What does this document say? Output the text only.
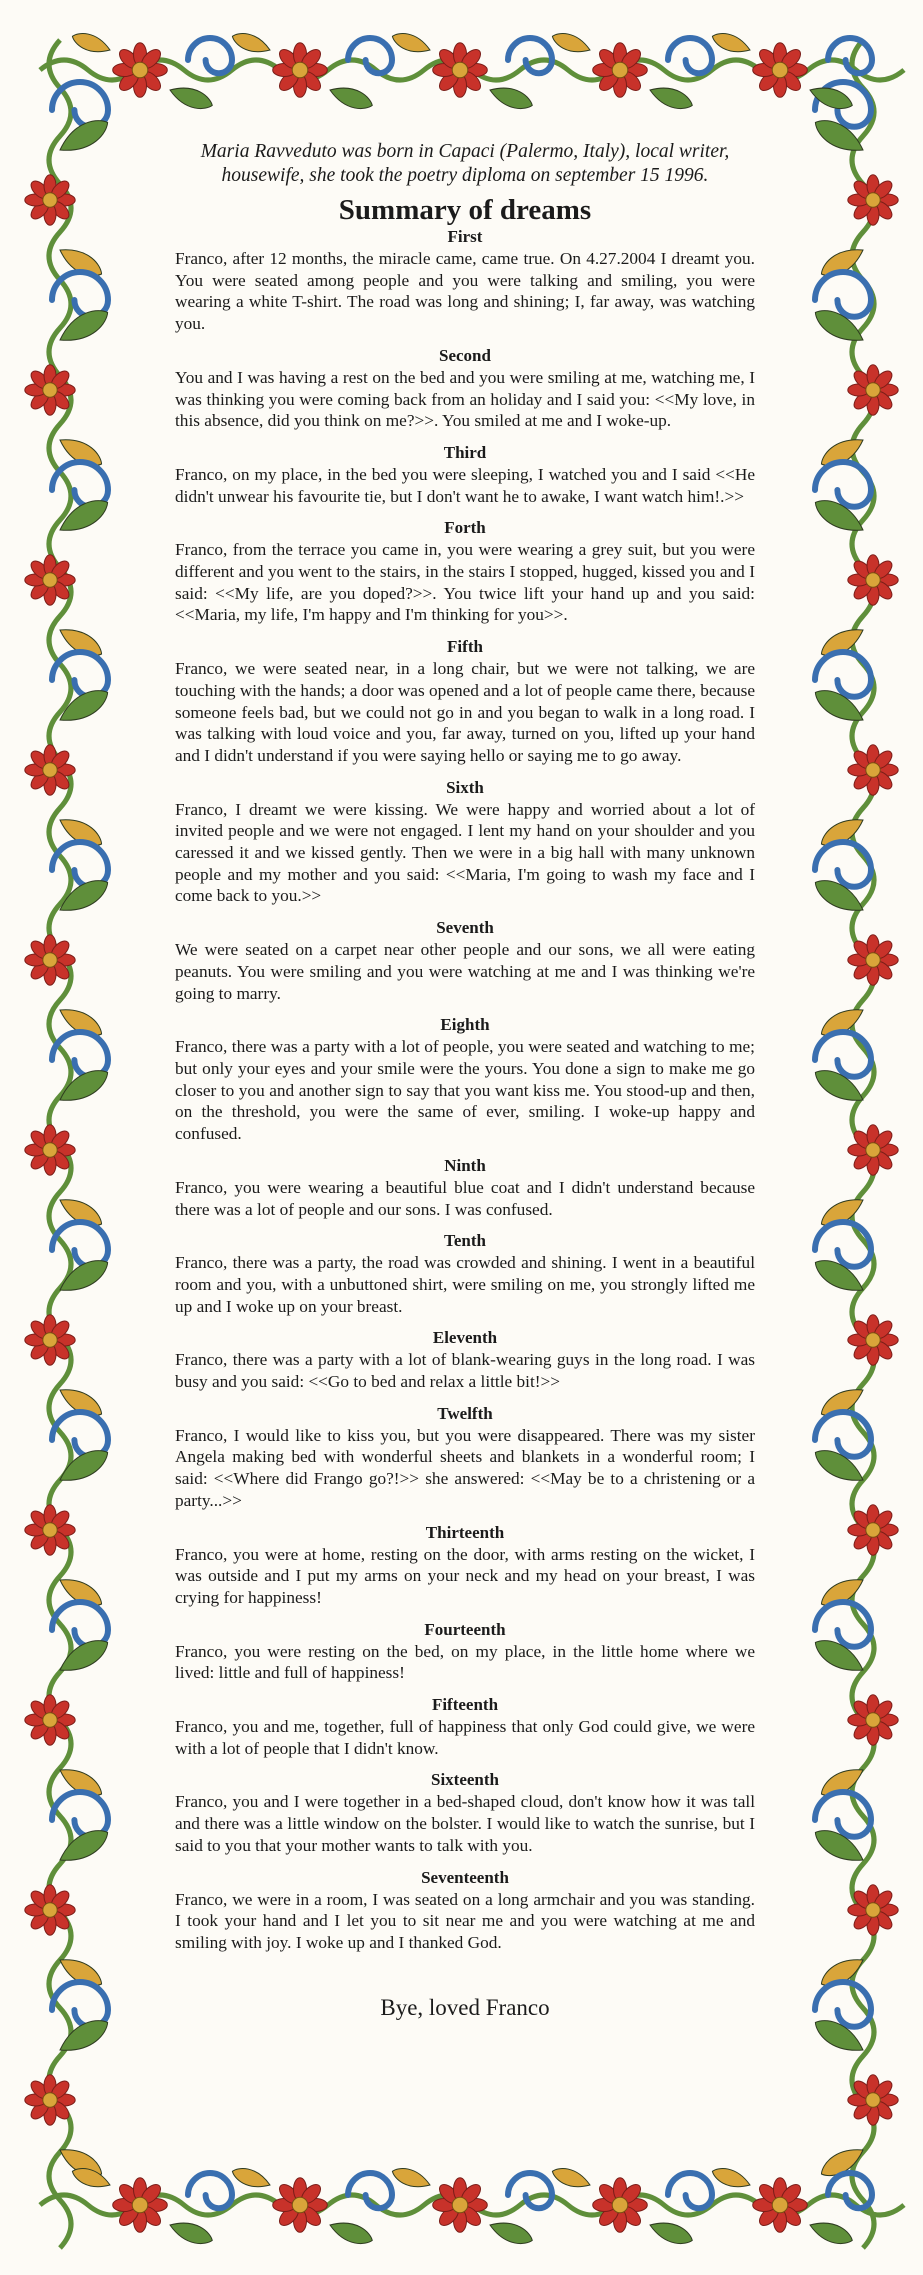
Maria Ravveduto was born in Capaci (Palermo, Italy), local writer, housewife, she took the poetry diploma on september 15 1996.

Summary of dreams
First

Franco, after 12 months, the miracle came, came true. On 4.27.2004 I dreamt you. You were seated among people and you were talking and smiling, you were wearing a white T-shirt. The road was long and shining; I, far away, was watching you.

Second

You and I was having a rest on the bed and you were smiling at me, watching me, I was thinking you were coming back from an holiday and I said you: <<My love, in this absence, did you think on me?>>. You smiled at me and I woke-up.

Third

Franco, on my place, in the bed you were sleeping, I watched you and I said <<He didn't unwear his favourite tie, but I don't want he to awake, I want watch him!.>>

Forth

Franco, from the terrace you came in, you were wearing a grey suit, but you were different and you went to the stairs, in the stairs I stopped, hugged, kissed you and I said: <<My life, are you doped?>>. You twice lift your hand up and you said: <<Maria, my life, I'm happy and I'm thinking for you>>.

Fifth

Franco, we were seated near, in a long chair, but we were not talking, we are touching with the hands; a door was opened and a lot of people came there, because someone feels bad, but we could not go in and you began to walk in a long road. I was talking with loud voice and you, far away, turned on you, lifted up your hand and I didn't understand if you were saying hello or saying me to go away.

Sixth

Franco, I dreamt we were kissing. We were happy and worried about a lot of invited people and we were not engaged. I lent my hand on your shoulder and you caressed it and we kissed gently. Then we were in a big hall with many unknown people and my mother and you said: <<Maria, I'm going to wash my face and I come back to you.>>

Seventh

We were seated on a carpet near other people and our sons, we all were eating peanuts. You were smiling and you were watching at me and I was thinking we're going to marry.

Eighth

Franco, there was a party with a lot of people, you were seated and watching to me; but only your eyes and your smile were the yours. You done a sign to make me go closer to you and another sign to say that you want kiss me. You stood-up and then, on the threshold, you were the same of ever, smiling. I woke-up happy and confused.

Ninth

Franco, you were wearing a beautiful blue coat and I didn't understand because there was a lot of people and our sons. I was confused.

Tenth

Franco, there was a party, the road was crowded and shining. I went in a beautiful room and you, with a unbuttoned shirt, were smiling on me, you strongly lifted me up and I woke up on your breast.

Eleventh

Franco, there was a party with a lot of blank-wearing guys in the long road. I was busy and you said: <<Go to bed and relax a little bit!>>

Twelfth

Franco, I would like to kiss you, but you were disappeared. There was my sister Angela making bed with wonderful sheets and blankets in a wonderful room; I said: <<Where did Frango go?!>> she answered: <<May be to a christening or a party...>>

Thirteenth

Franco, you were at home, resting on the door, with arms resting on the wicket, I was outside and I put my arms on your neck and my head on your breast, I was crying for happiness!

Fourteenth

Franco, you were resting on the bed, on my place, in the little home where we lived: little and full of happiness!

Fifteenth

Franco, you and me, together, full of happiness that only God could give, we were with a lot of people that I didn't know.

Sixteenth

Franco, you and I were together in a bed-shaped cloud, don't know how it was tall and there was a little window on the bolster. I would like to watch the sunrise, but I said to you that your mother wants to talk with you.

Seventeenth

Franco, we were in a room, I was seated on a long armchair and you was standing. I took your hand and I let you to sit near me and you were watching at me and smiling with joy. I woke up and I thanked God.

Bye, loved Franco
